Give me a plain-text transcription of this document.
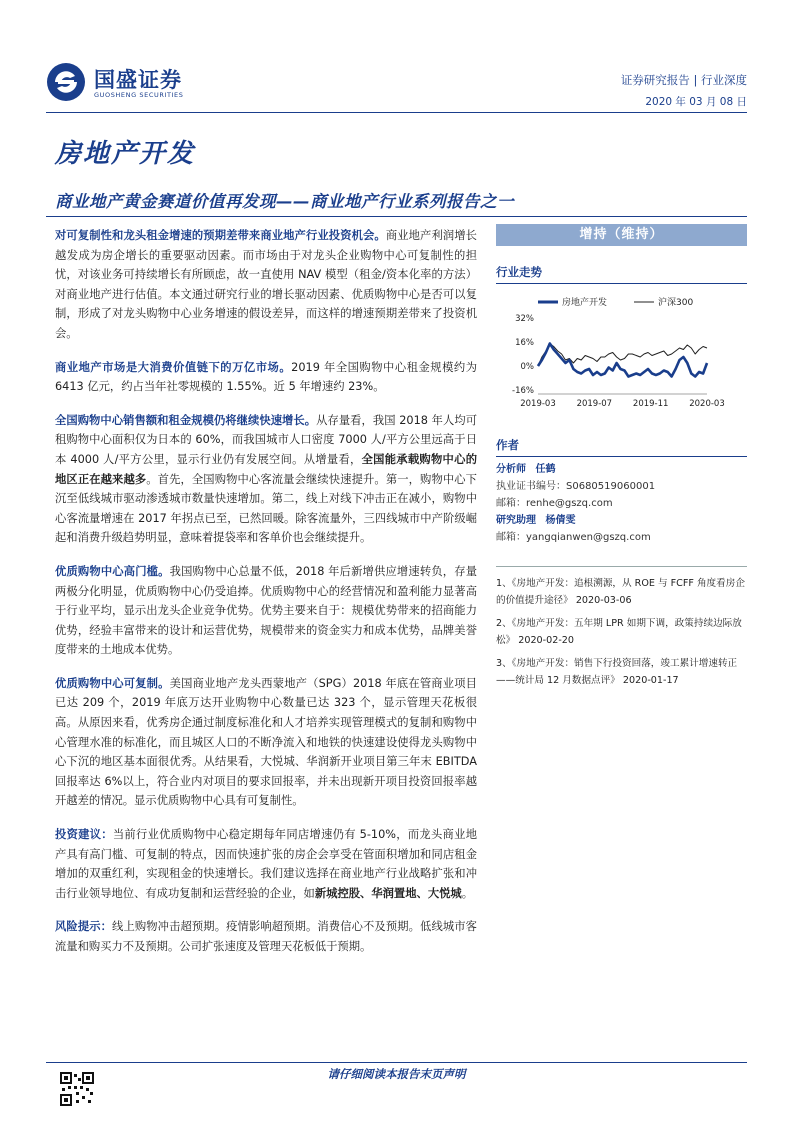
国盛证券
GUOSHENG SECURITIES
证券研究报告 | 行业深度
2020 年 03 月 08 日
房地产开发
商业地产黄金赛道价值再发现——商业地产行业系列报告之一

对可复制性和龙头租金增速的预期差带来商业地产行业投资机会。商业地产利润增长越发成为房企增长的重要驱动因素。而市场由于对龙头企业购物中心可复制性的担忧，对该业务可持续增长有所顾虑，故一直使用 NAV 模型（租金/资本化率的方法）对商业地产进行估值。本文通过研究行业的增长驱动因素、优质购物中心是否可以复制，形成了对龙头购物中心业务增速的假设差异，而这样的增速预期差带来了投资机会。

商业地产市场是大消费价值链下的万亿市场。2019 年全国购物中心租金规模约为 6413 亿元，约占当年社零规模的 1.55%。近 5 年增速约 23%。

全国购物中心销售额和租金规模仍将继续快速增长。从存量看，我国 2018 年人均可租购物中心面积仅为日本的 60%，而我国城市人口密度 7000 人/平方公里远高于日本 4000 人/平方公里，显示行业仍有发展空间。从增量看，全国能承载购物中心的地区正在越来越多。首先，全国购物中心客流量会继续快速提升。第一，购物中心下沉至低线城市驱动渗透城市数量快速增加。第二，线上对线下冲击正在减小，购物中心客流量增速在 2017 年拐点已至，已然回暖。除客流量外，三四线城市中产阶级崛起和消费升级趋势明显，意味着提袋率和客单价也会继续提升。

优质购物中心高门槛。我国购物中心总量不低，2018 年后新增供应增速转负，存量两极分化明显，优质购物中心仍受追捧。优质购物中心的经营情况和盈利能力显著高于行业平均，显示出龙头企业竞争优势。优势主要来自于：规模优势带来的招商能力优势，经验丰富带来的设计和运营优势，规模带来的资金实力和成本优势，品牌美誉度带来的土地成本优势。

优质购物中心可复制。美国商业地产龙头西蒙地产（SPG）2018 年底在管商业项目已达 209 个，2019 年底万达开业购物中心数量已达 323 个，显示管理天花板很高。从原因来看，优秀房企通过制度标准化和人才培养实现管理模式的复制和购物中心管理水准的标准化，而且城区人口的不断净流入和地铁的快速建设使得龙头购物中心下沉的地区基本面很优秀。从结果看，大悦城、华润新开业项目第三年末 EBITDA 回报率达 6%以上，符合业内对项目的要求回报率，并未出现新开项目投资回报率越开越差的情况。显示优质购物中心具有可复制性。

投资建议：当前行业优质购物中心稳定期每年同店增速仍有 5-10%，而龙头商业地产具有高门槛、可复制的特点，因而快速扩张的房企会享受在管面积增加和同店租金增加的双重红利，实现租金的快速增长。我们建议选择在商业地产行业战略扩张和冲击行业领导地位、有成功复制和运营经验的企业，如新城控股、华润置地、大悦城。

风险提示：线上购物冲击超预期。疫情影响超预期。消费信心不及预期。低线城市客流量和购买力不及预期。公司扩张速度及管理天花板低于预期。

增持（维持）
行业走势
房地产开发	沪深300
32%
16%
0%
-16%
2019-03 2019-07 2019-11 2020-03
作者
分析师 任鹤
执业证书编号：S0680519060001
邮箱：renhe@gszq.com
研究助理 杨倩雯
邮箱：yangqianwen@gszq.com
1、《房地产开发：追根溯源，从 ROE 与 FCFF 角度看房企的价值提升途径》 2020-03-06
2、《房地产开发：五年期 LPR 如期下调，政策持续边际放松》 2020-02-20
3、《房地产开发：销售下行投资回落，竣工累计增速转正——统计局 12 月数据点评》 2020-01-17
请仔细阅读本报告末页声明
